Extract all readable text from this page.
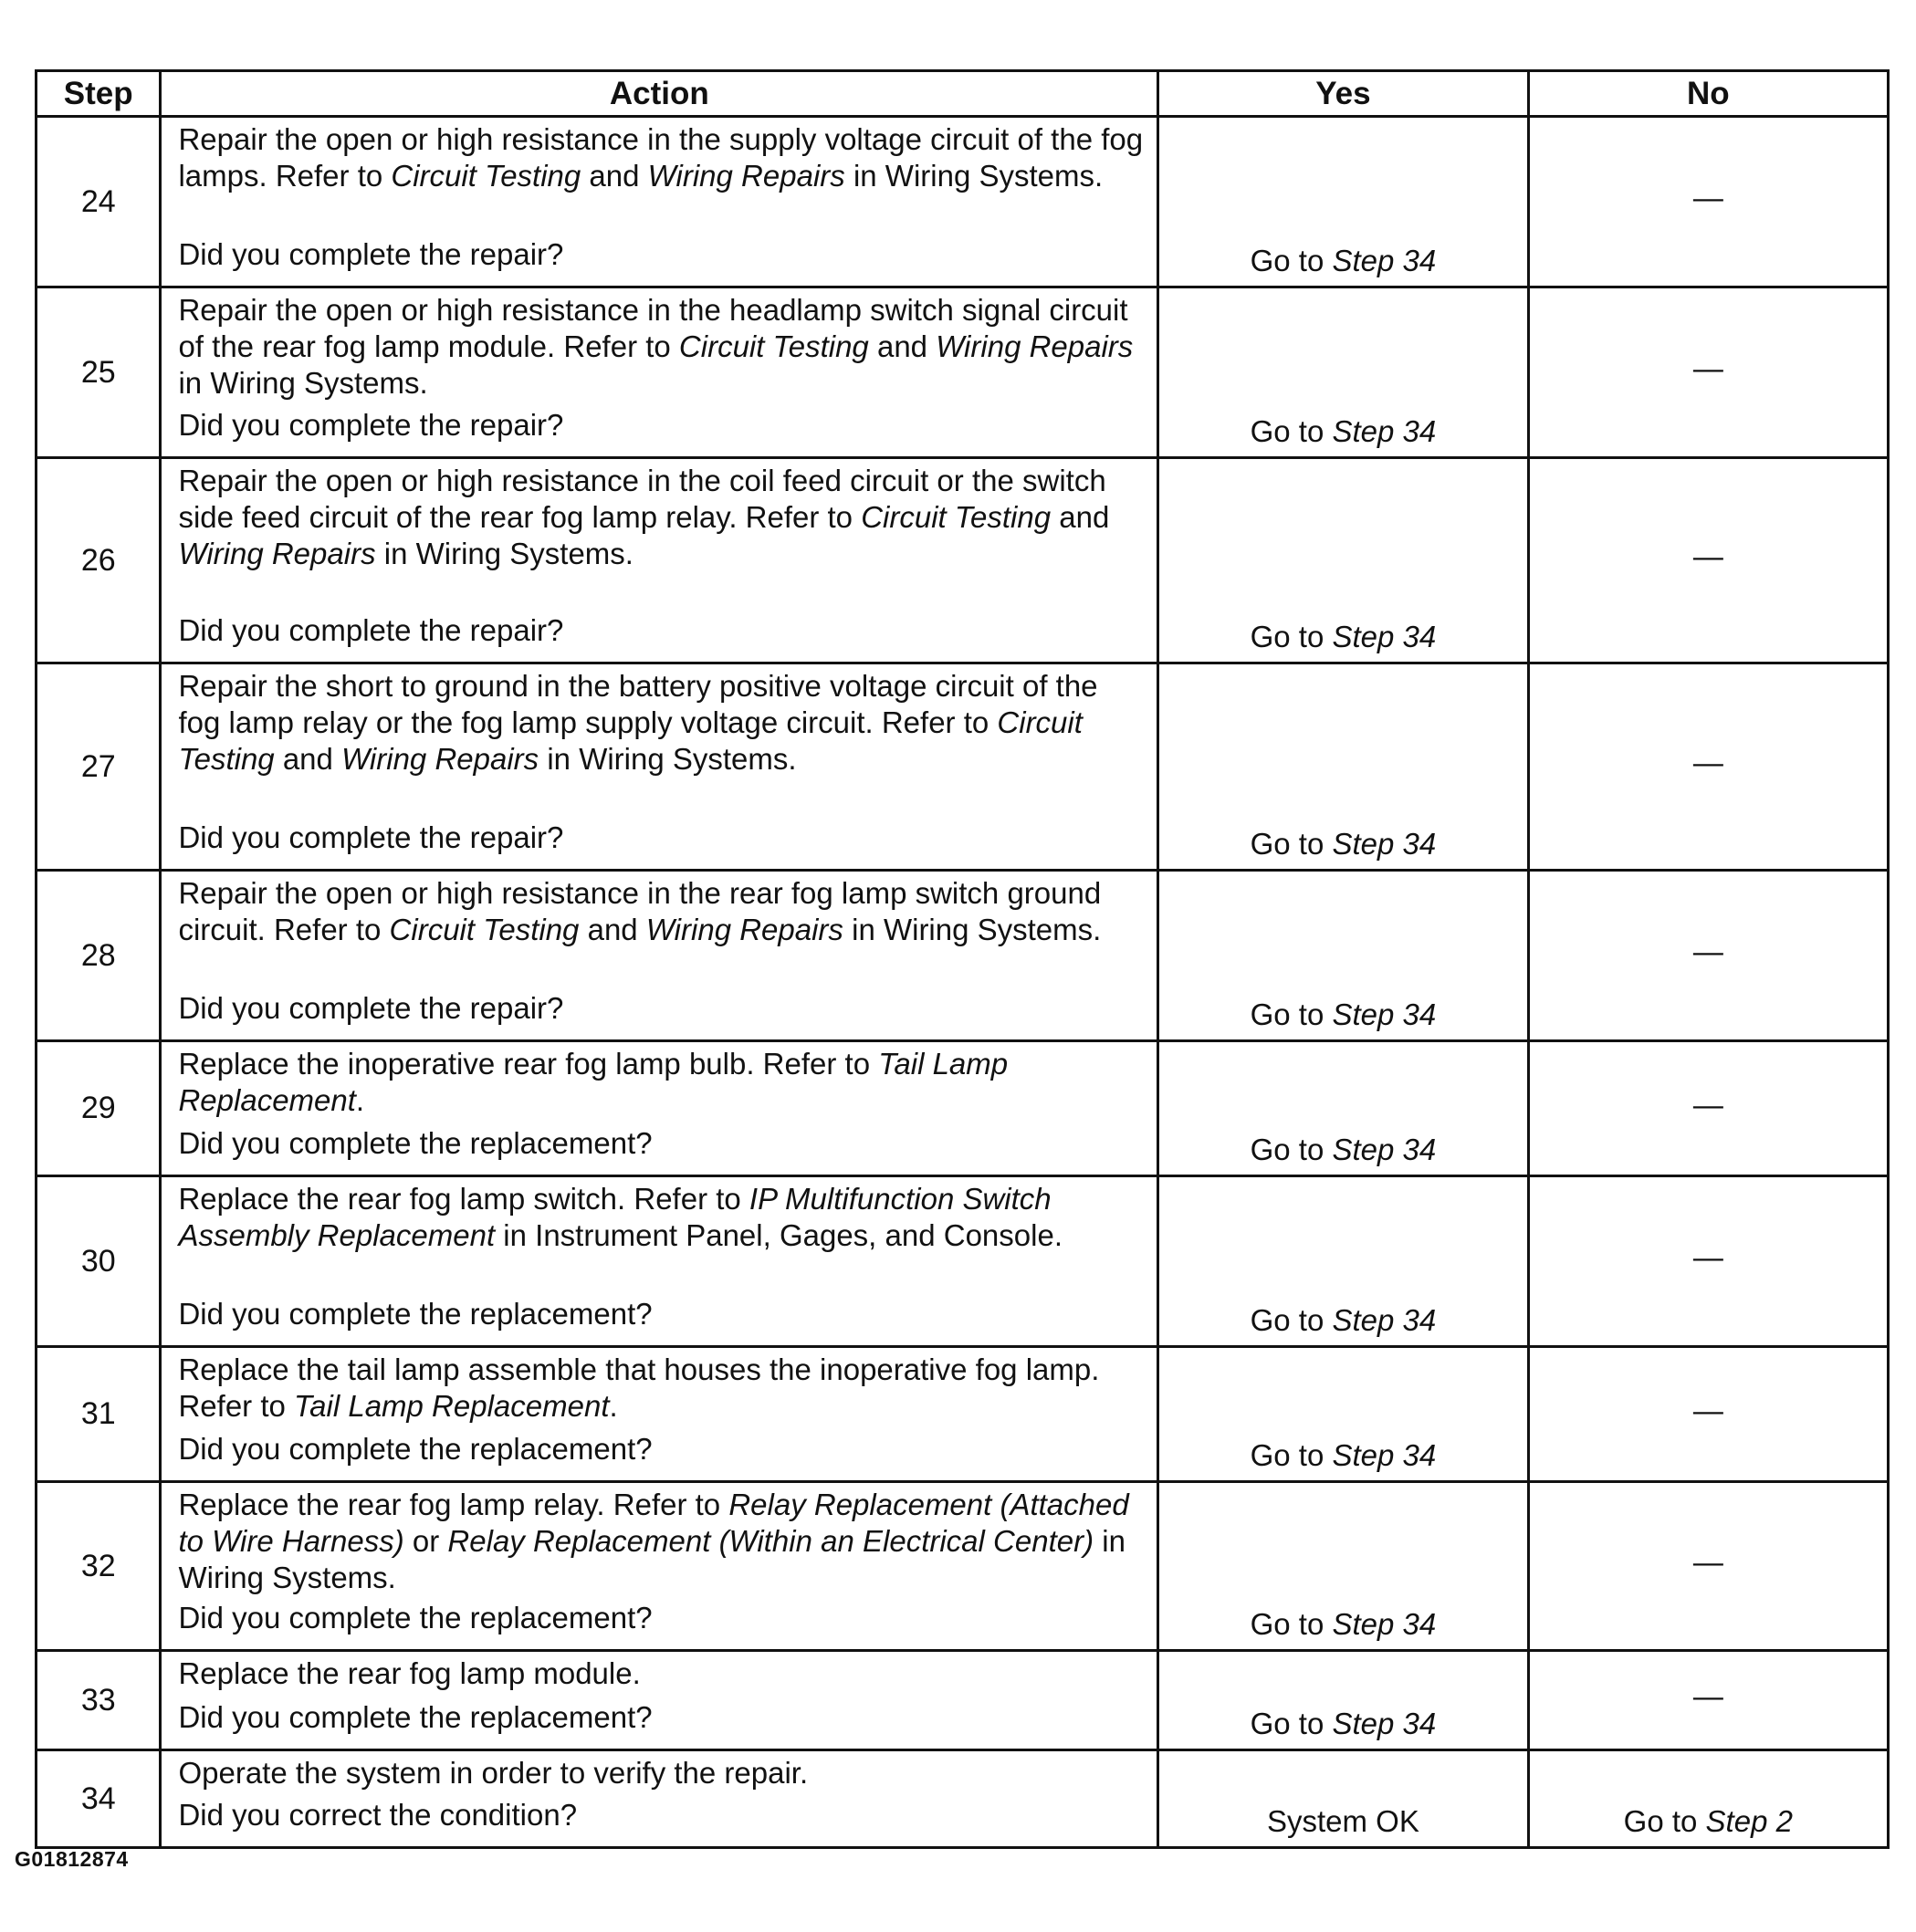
Step	Action	Yes	No
24	Repair the open or high resistance in the supply voltage circuit of the fog lamps. Refer to Circuit Testing and Wiring Repairs in Wiring Systems.

Did you complete the repair?	Go to Step 34	—
25	Repair the open or high resistance in the headlamp switch signal circuit of the rear fog lamp module. Refer to Circuit Testing and Wiring Repairs in Wiring Systems.

Did you complete the repair?	Go to Step 34	—
26	Repair the open or high resistance in the coil feed circuit or the switch side feed circuit of the rear fog lamp relay. Refer to Circuit Testing and Wiring Repairs in Wiring Systems.

Did you complete the repair?	Go to Step 34	—
27	Repair the short to ground in the battery positive voltage circuit of the fog lamp relay or the fog lamp supply voltage circuit. Refer to Circuit Testing and Wiring Repairs in Wiring Systems.

Did you complete the repair?	Go to Step 34	—
28	Repair the open or high resistance in the rear fog lamp switch ground circuit. Refer to Circuit Testing and Wiring Repairs in Wiring Systems.

Did you complete the repair?	Go to Step 34	—
29	Replace the inoperative rear fog lamp bulb. Refer to Tail Lamp Replacement.

Did you complete the replacement?	Go to Step 34	—
30	Replace the rear fog lamp switch. Refer to IP Multifunction Switch Assembly Replacement in Instrument Panel, Gages, and Console.

Did you complete the replacement?	Go to Step 34	—
31	Replace the tail lamp assemble that houses the inoperative fog lamp. Refer to Tail Lamp Replacement.

Did you complete the replacement?	Go to Step 34	—
32	Replace the rear fog lamp relay. Refer to Relay Replacement (Attached to Wire Harness) or Relay Replacement (Within an Electrical Center) in Wiring Systems.

Did you complete the replacement?	Go to Step 34	—
33	Replace the rear fog lamp module.

Did you complete the replacement?	Go to Step 34	—
34	Operate the system in order to verify the repair.

Did you correct the condition?	System OK	Go to Step 2
G01812874
